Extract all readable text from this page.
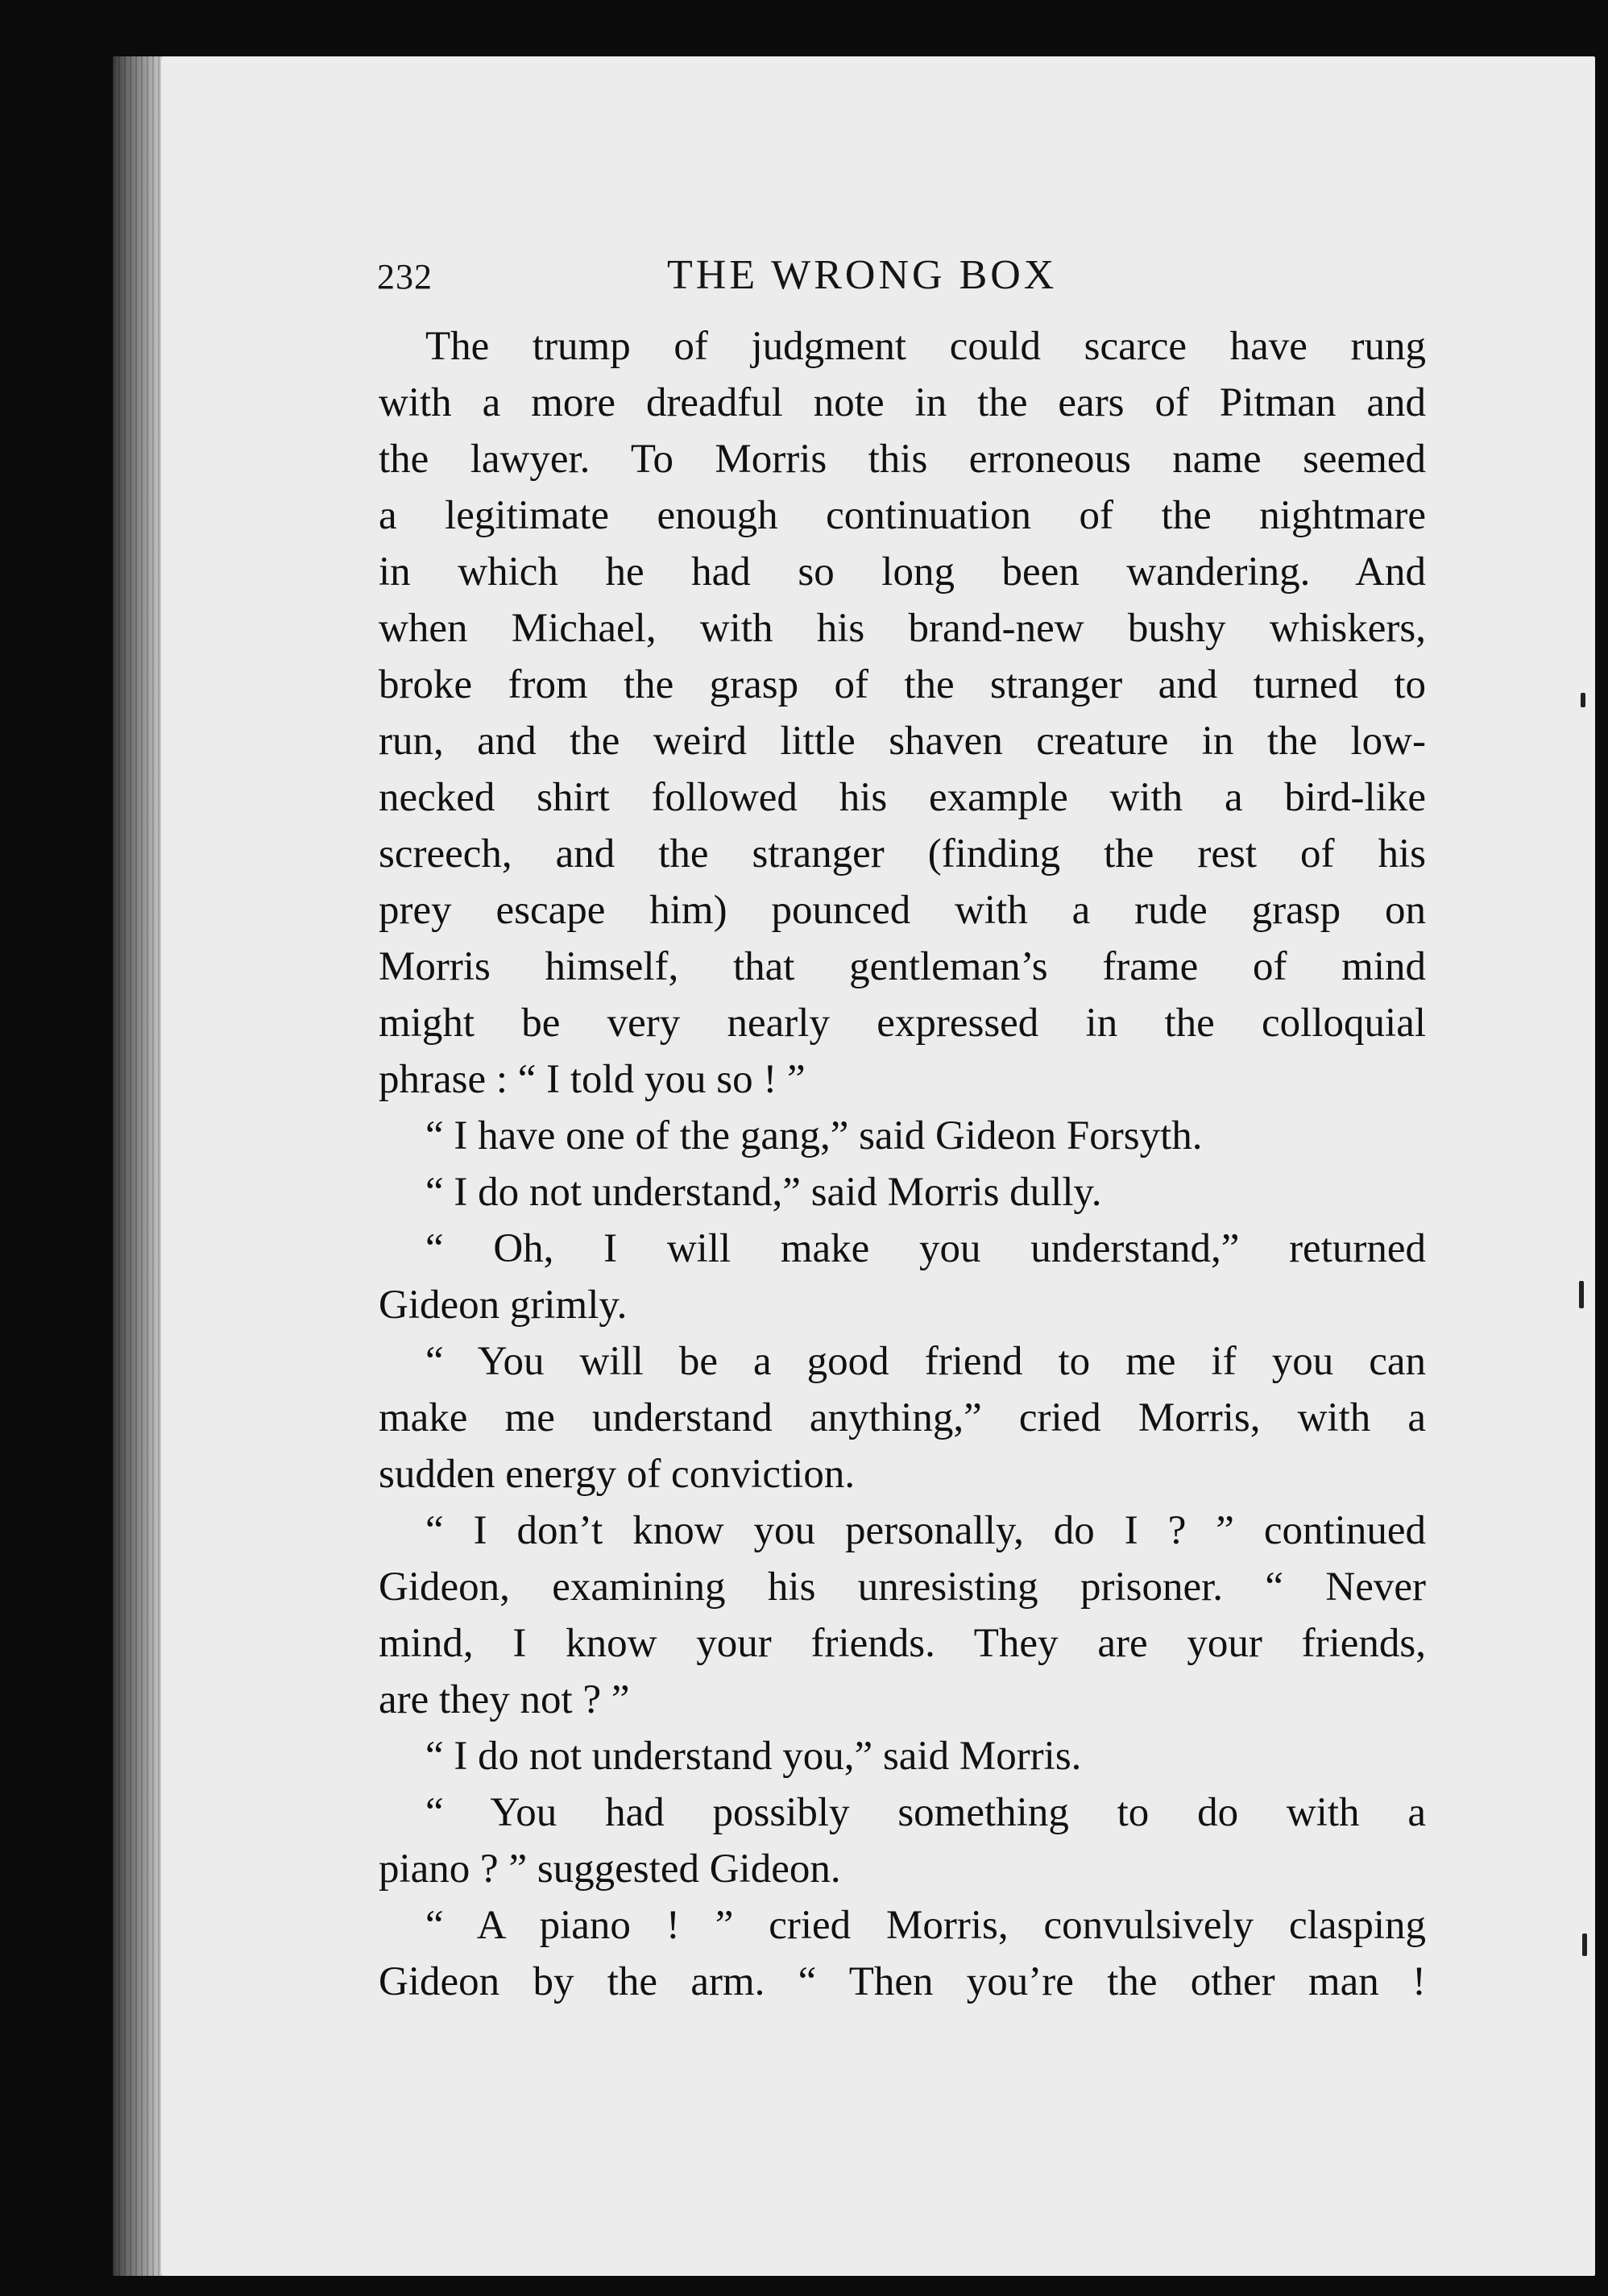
232	THE WRONG BOX
The trump of judgment could scarce have rung
with a more dreadful note in the ears of Pitman and
the lawyer. To Morris this erroneous name seemed
a legitimate enough continuation of the nightmare
in which he had so long been wandering. And
when Michael, with his brand-new bushy whiskers,
broke from the grasp of the stranger and turned to
run, and the weird little shaven creature in the low-
necked shirt followed his example with a bird-like
screech, and the stranger (finding the rest of his
prey escape him) pounced with a rude grasp on
Morris himself, that gentleman’s frame of mind
might be very nearly expressed in the colloquial
phrase : “ I told you so ! ”
“ I have one of the gang,” said Gideon Forsyth.
“ I do not understand,” said Morris dully.
“ Oh, I will make you understand,” returned
Gideon grimly.
“ You will be a good friend to me if you can
make me understand anything,” cried Morris, with a
sudden energy of conviction.
“ I don’t know you personally, do I ? ” continued
Gideon, examining his unresisting prisoner. “ Never
mind, I know your friends. They are your friends,
are they not ? ”
“ I do not understand you,” said Morris.
“ You had possibly something to do with a
piano ? ” suggested Gideon.
“ A piano ! ” cried Morris, convulsively clasping
Gideon by the arm. “ Then you’re the other man !
